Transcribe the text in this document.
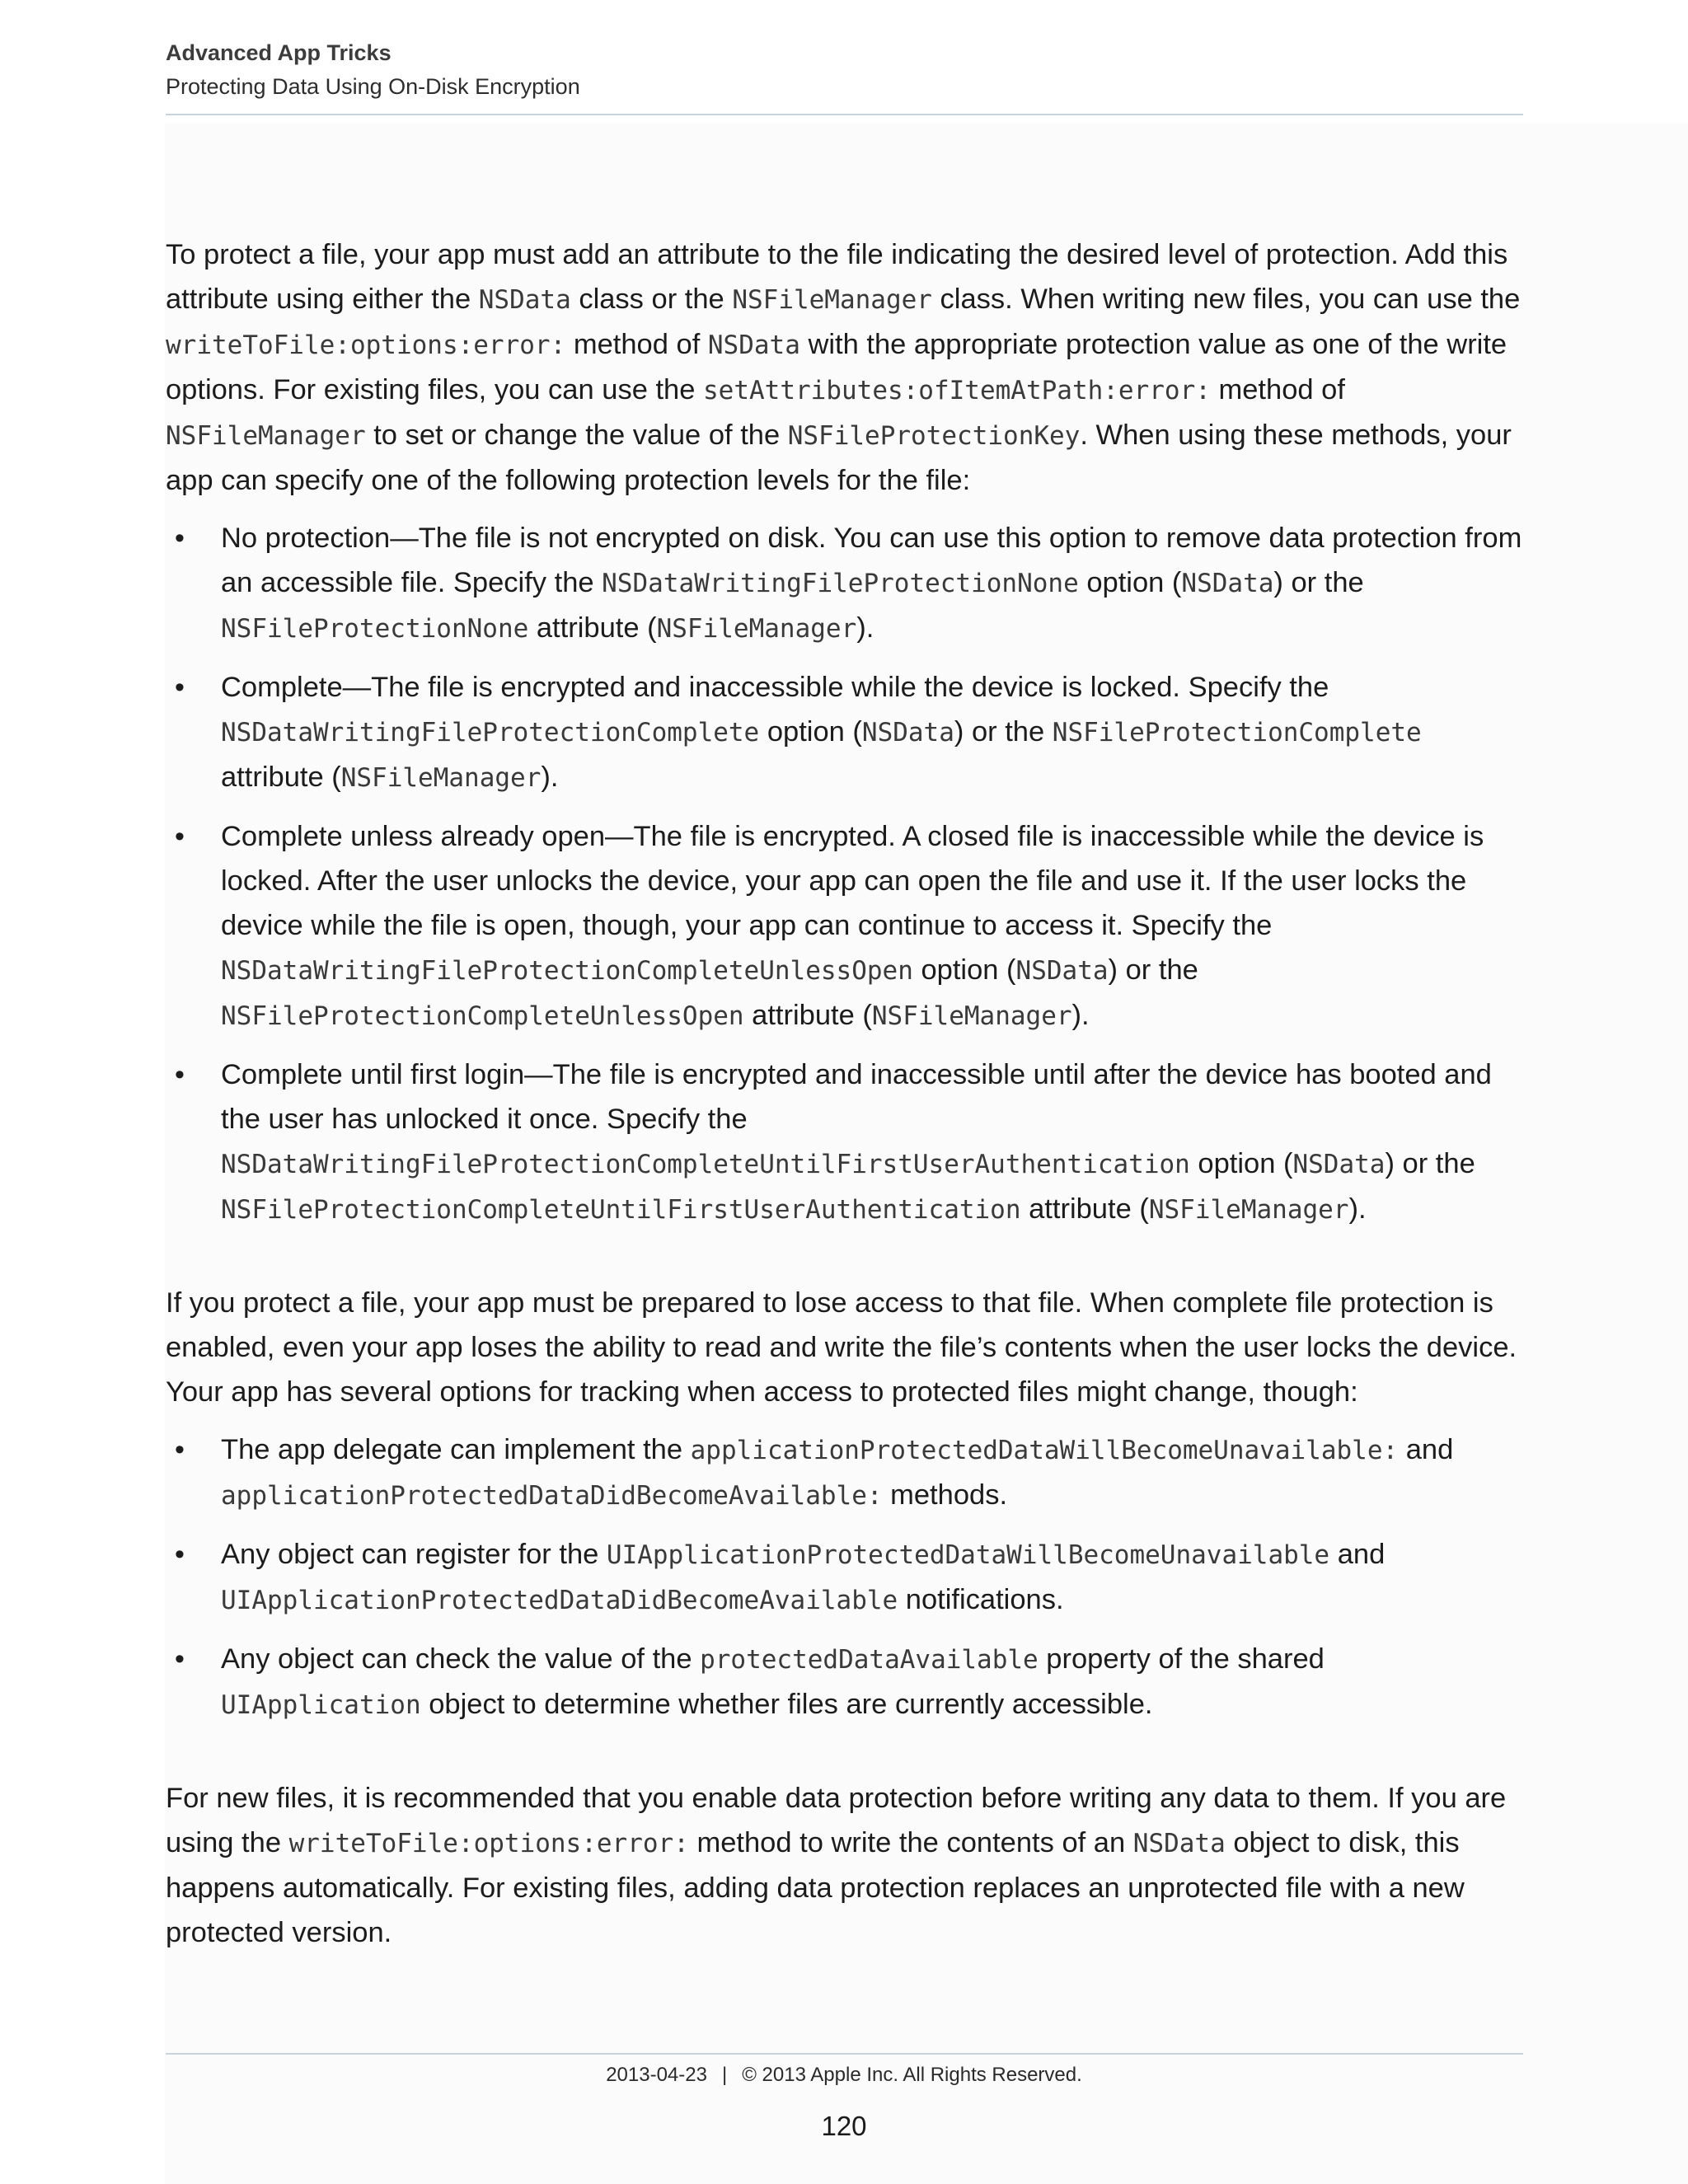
Advanced App Tricks
Protecting Data Using On-Disk Encryption

To protect a file, your app must add an attribute to the file indicating the desired level of protection. Add this attribute using either the NSData class or the NSFileManager class. When writing new files, you can use the writeToFile:options:error: method of NSData with the appropriate protection value as one of the write options. For existing files, you can use the setAttributes:ofItemAtPath:error: method of NSFileManager to set or change the value of the NSFileProtectionKey. When using these methods, your app can specify one of the following protection levels for the file:

• No protection—The file is not encrypted on disk. You can use this option to remove data protection from an accessible file. Specify the NSDataWritingFileProtectionNone option (NSData) or the NSFileProtectionNone attribute (NSFileManager).
• Complete—The file is encrypted and inaccessible while the device is locked. Specify the NSDataWritingFileProtectionComplete option (NSData) or the NSFileProtectionComplete attribute (NSFileManager).
• Complete unless already open—The file is encrypted. A closed file is inaccessible while the device is locked. After the user unlocks the device, your app can open the file and use it. If the user locks the device while the file is open, though, your app can continue to access it. Specify the NSDataWritingFileProtectionCompleteUnlessOpen option (NSData) or the NSFileProtectionCompleteUnlessOpen attribute (NSFileManager).
• Complete until first login—The file is encrypted and inaccessible until after the device has booted and the user has unlocked it once. Specify the NSDataWritingFileProtectionCompleteUntilFirstUserAuthentication option (NSData) or the NSFileProtectionCompleteUntilFirstUserAuthentication attribute (NSFileManager).

If you protect a file, your app must be prepared to lose access to that file. When complete file protection is enabled, even your app loses the ability to read and write the file’s contents when the user locks the device. Your app has several options for tracking when access to protected files might change, though:

• The app delegate can implement the applicationProtectedDataWillBecomeUnavailable: and applicationProtectedDataDidBecomeAvailable: methods.
• Any object can register for the UIApplicationProtectedDataWillBecomeUnavailable and UIApplicationProtectedDataDidBecomeAvailable notifications.
• Any object can check the value of the protectedDataAvailable property of the shared UIApplication object to determine whether files are currently accessible.

For new files, it is recommended that you enable data protection before writing any data to them. If you are using the writeToFile:options:error: method to write the contents of an NSData object to disk, this happens automatically. For existing files, adding data protection replaces an unprotected file with a new protected version.

2013-04-23 | © 2013 Apple Inc. All Rights Reserved.
120
